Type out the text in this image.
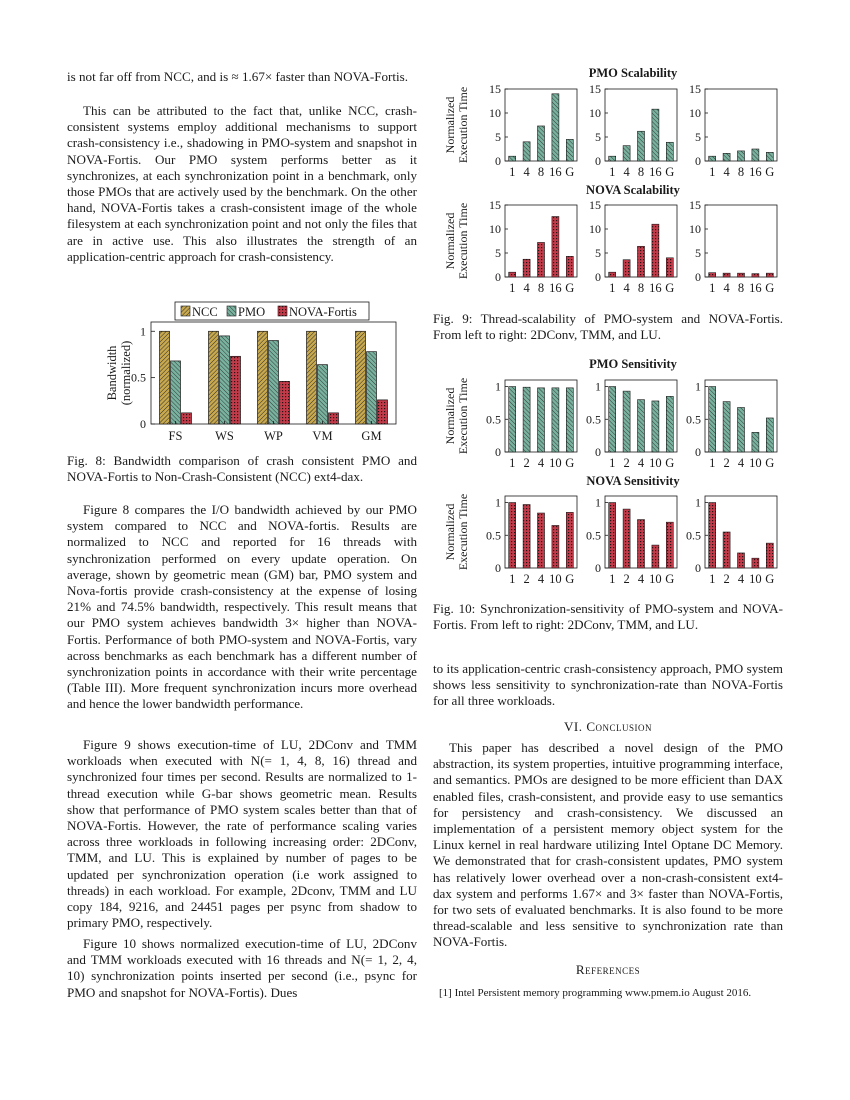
is not far off from NCC, and is ≈ 1.67× faster than NOVA-Fortis.

This can be attributed to the fact that, unlike NCC, crash-consistent systems employ additional mechanisms to support crash-consistency i.e., shadowing in PMO-system and snapshot in NOVA-Fortis. Our PMO system performs better as it synchronizes, at each synchronization point in a benchmark, only those PMOs that are actively used by the benchmark. On the other hand, NOVA-Fortis takes a crash-consistent image of the whole filesystem at each synchronization point and not only the files that are in active use. This also illustrates the strength of an application-centric approach for crash-consistency.

0
0.5
1
Bandwidth(normalized)
FS	WS WP VM GM
NCC PMO NOVA-Fortis

Fig. 8: Bandwidth comparison of crash consistent PMO and NOVA-Fortis to Non-Crash-Consistent (NCC) ext4-dax.

Figure 8 compares the I/O bandwidth achieved by our PMO system compared to NCC and NOVA-fortis. Results are normalized to NCC and reported for 16 threads with synchronization performed on every update operation. On average, shown by geometric mean (GM) bar, PMO system and Nova-fortis provide crash-consistency at the expense of losing 21% and 74.5% bandwidth, respectively. This result means that our PMO system achieves bandwidth 3× higher than NOVA-Fortis. Performance of both PMO-system and NOVA-Fortis, vary across benchmarks as each benchmark has a different number of synchronization points in accordance with their write percentage (Table III). More frequent synchronization incurs more overhead and hence the lower bandwidth performance.

Figure 9 shows execution-time of LU, 2DConv and TMM workloads when executed with N(= 1, 4, 8, 16) thread and synchronized four times per second. Results are normalized to 1-thread execution while G-bar shows geometric mean. Results show that performance of PMO system scales better than that of NOVA-Fortis. However, the rate of performance scaling varies across three workloads in following increasing order: 2DConv, TMM, and LU. This is explained by number of pages to be updated per synchronization operation (i.e work assigned to threads) in each workload. For example, 2Dconv, TMM and LU copy 184, 9216, and 24451 pages per psync from shadow to primary PMO, respectively.

Figure 10 shows normalized execution-time of LU, 2DConv and TMM workloads executed with 16 threads and N(= 1, 2, 4, 10) synchronization points inserted per second (i.e., psync for PMO and snapshot for NOVA-Fortis). Dues

PMO Scalability
NormalizedExecution Time 0
5
10
15
1 4 8 16 G
0
5
10
15
1 4 8 16 G
0
5
10
15
1 4 8 16 G
NOVA Scalability
NormalizedExecution Time 0
5
10
15
1 4 8 16 G
0
5
10
15
1 4 8 16 G
0
5
10
15
1 4 8 16 G

Fig. 9: Thread-scalability of PMO-system and NOVA-Fortis. From left to right: 2DConv, TMM, and LU.

PMO Sensitivity
NormalizedExecution Time 0
0.5
1
1 2 4 10 G
0
0.5
1
1 2 4 10 G
0
0.5
1
1 2 4 10 G
NOVA Sensitivity
NormalizedExecution Time 0
0.5
1
1 2 4 10 G
0
0.5
1
1 2 4 10 G
0
0.5
1
1 2 4 10 G

Fig. 10: Synchronization-sensitivity of PMO-system and NOVA-Fortis. From left to right: 2DConv, TMM, and LU.

to its application-centric crash-consistency approach, PMO system shows less sensitivity to synchronization-rate than NOVA-Fortis for all three workloads.

VI. Conclusion

This paper has described a novel design of the PMO abstraction, its system properties, intuitive programming interface, and semantics. PMOs are designed to be more efficient than DAX enabled files, crash-consistent, and provide easy to use semantics for persistency and crash-consistency. We discussed an implementation of a persistent memory object system for the Linux kernel in real hardware utilizing Intel Optane DC Memory. We demonstrated that for crash-consistent updates, PMO system has relatively lower overhead over a non-crash-consistent ext4-dax system and performs 1.67× and 3× faster than NOVA-Fortis, for two sets of evaluated benchmarks. It is also found to be more thread-scalable and less sensitive to synchronization rate than NOVA-Fortis.

References
[1] Intel Persistent memory programming www.pmem.io August 2016.
